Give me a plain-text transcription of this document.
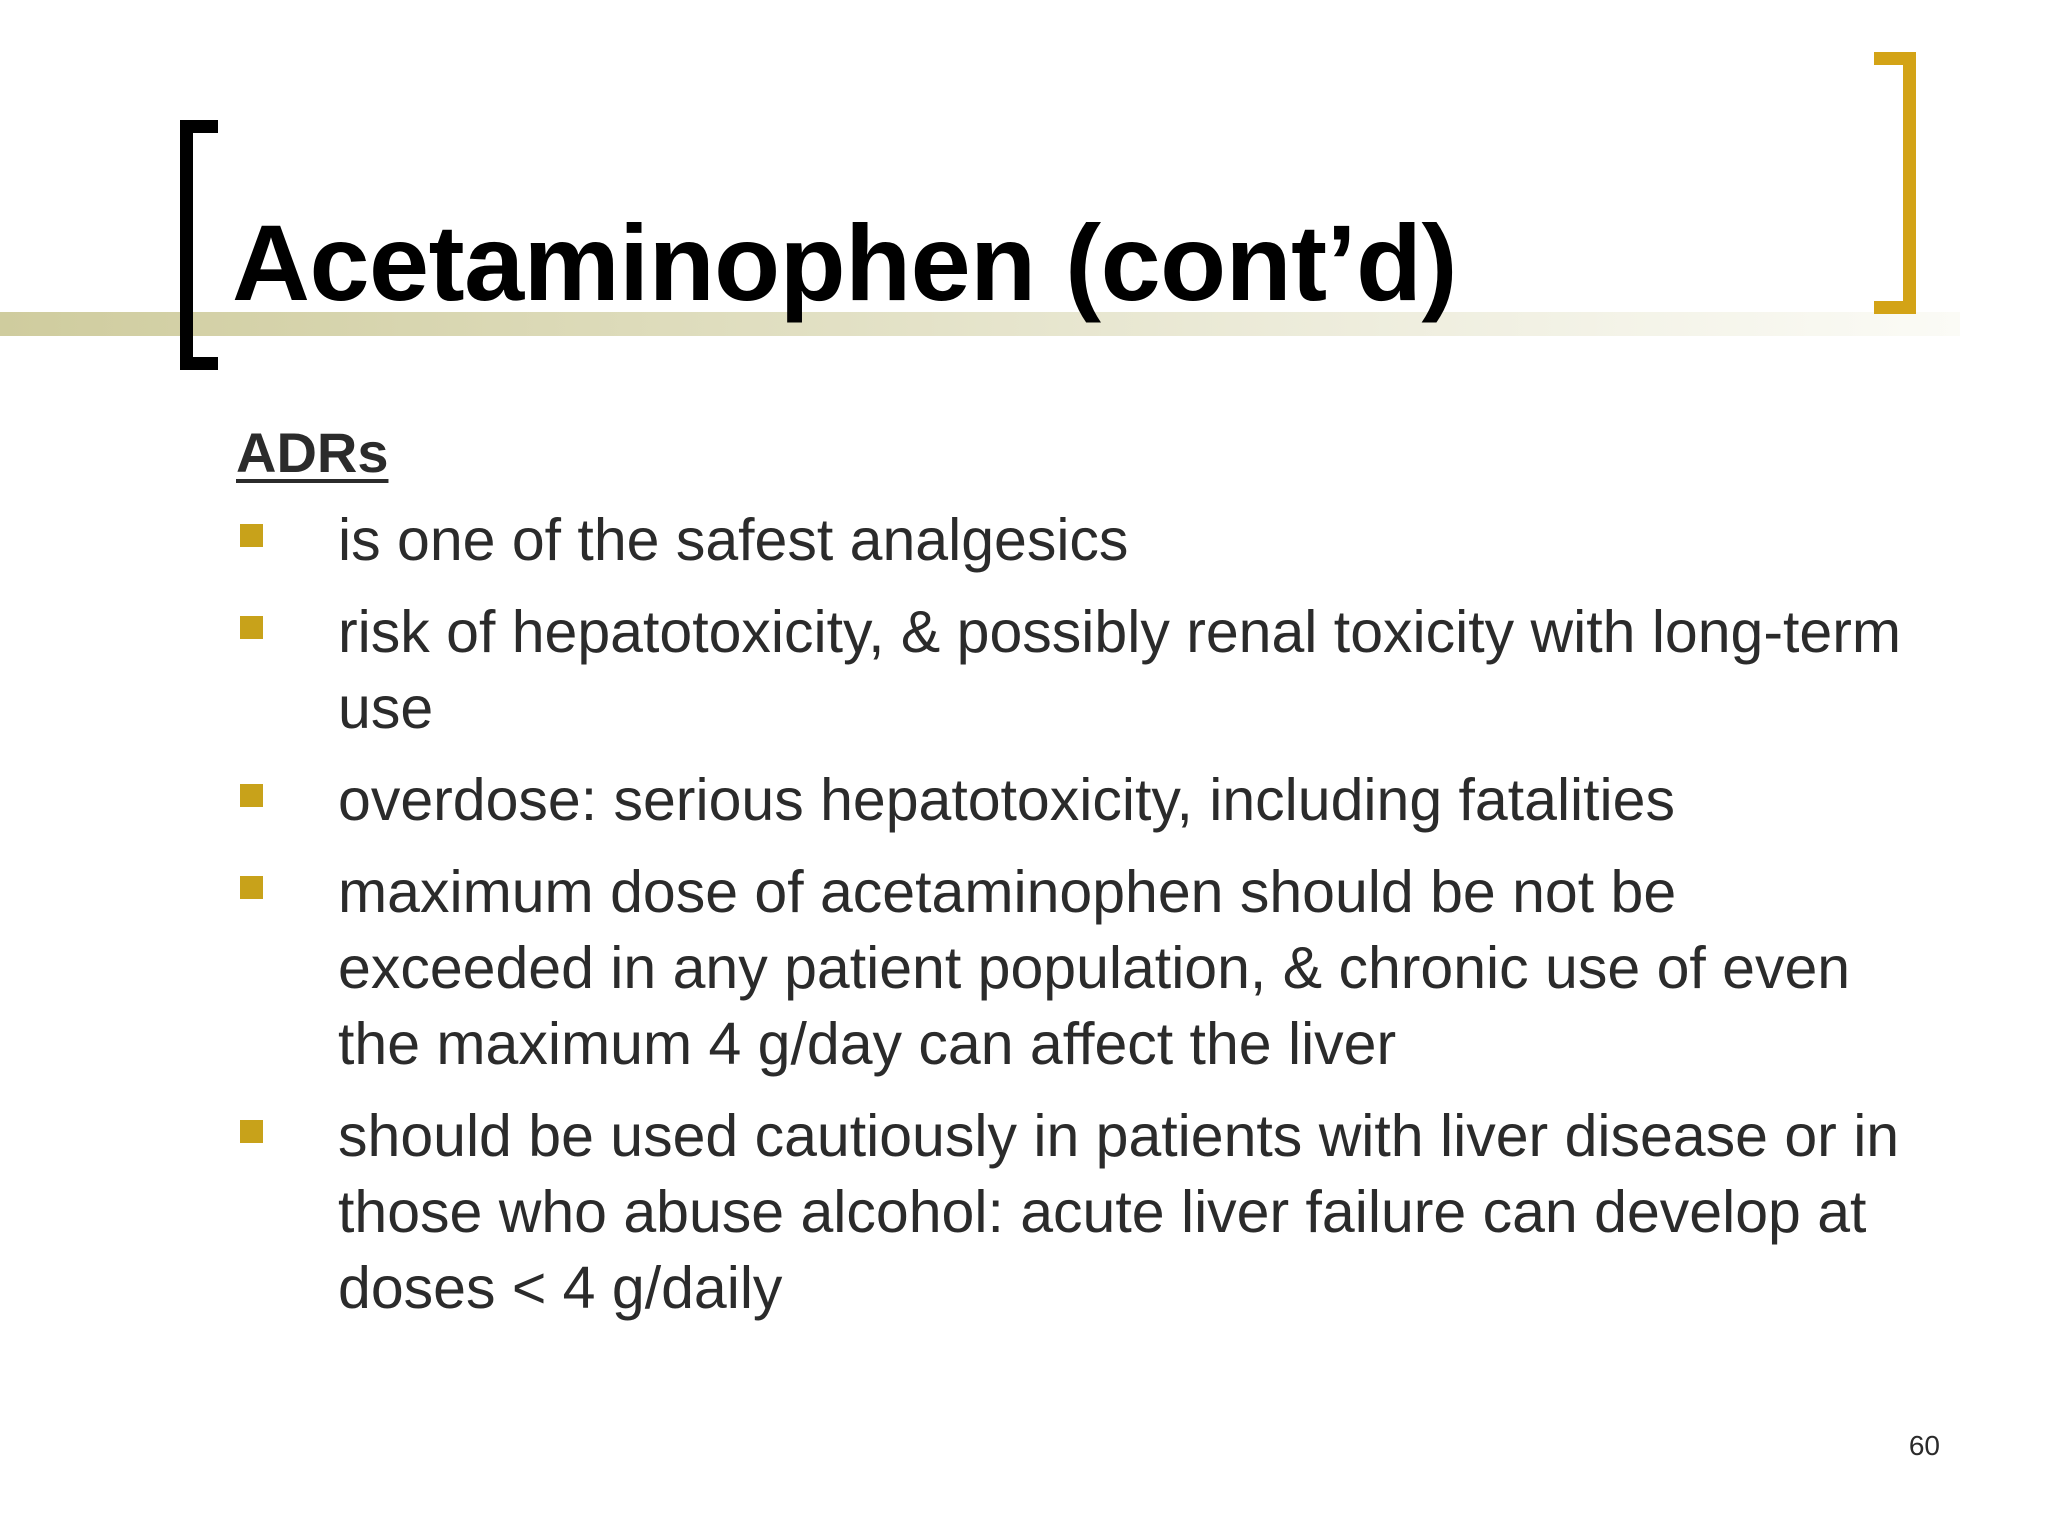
Acetaminophen (cont’d)
ADRs
is one of the safest analgesics
risk of hepatotoxicity, & possibly renal toxicity with long-term use
overdose: serious hepatotoxicity, including fatalities
maximum dose of acetaminophen should be not be exceeded in any patient population, & chronic use of even the maximum 4 g/day can affect the liver
should be used cautiously in patients with liver disease or in those who abuse alcohol: acute liver failure can develop at doses < 4 g/daily
60
